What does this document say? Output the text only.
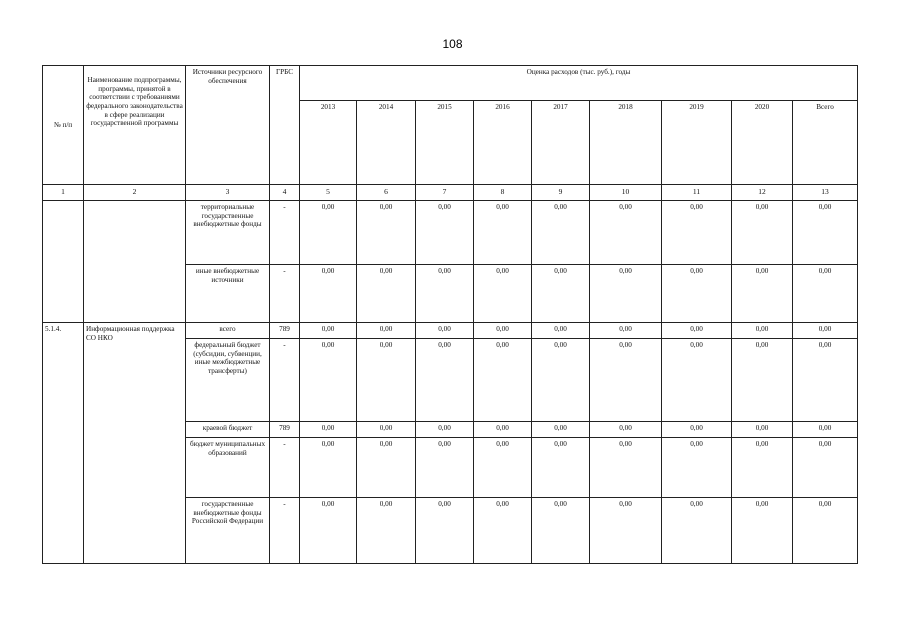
108
№ п/п	Наименование подпрограммы, программы, принятой в соответствии с требованиями федерального законодательства в сфере реализации государственной программы	Источники ресурсного обеспечения	ГРБС	Оценка расходов (тыс. руб.), годы								
				2013	2014	2015	2016	2017	2018	2019	2020	Всего
1	2	3	4	5	6	7	8	9	10	11	12	13
		территориальные государственные внебюджетные фонды	-	0,00	0,00	0,00	0,00	0,00	0,00	0,00	0,00	0,00
		иные внебюджетные источники	-	0,00	0,00	0,00	0,00	0,00	0,00	0,00	0,00	0,00
5.1.4.	Информационная поддержка СО НКО	всего	789	0,00	0,00	0,00	0,00	0,00	0,00	0,00	0,00	0,00
		федеральный бюджет (субсидии, субвенции, иные межбюджетные трансферты)	-	0,00	0,00	0,00	0,00	0,00	0,00	0,00	0,00	0,00
		краевой бюджет	789	0,00	0,00	0,00	0,00	0,00	0,00	0,00	0,00	0,00
		бюджет муниципальных образований	-	0,00	0,00	0,00	0,00	0,00	0,00	0,00	0,00	0,00
		государственные внебюджетные фонды Российской Федерации	-	0,00	0,00	0,00	0,00	0,00	0,00	0,00	0,00	0,00
